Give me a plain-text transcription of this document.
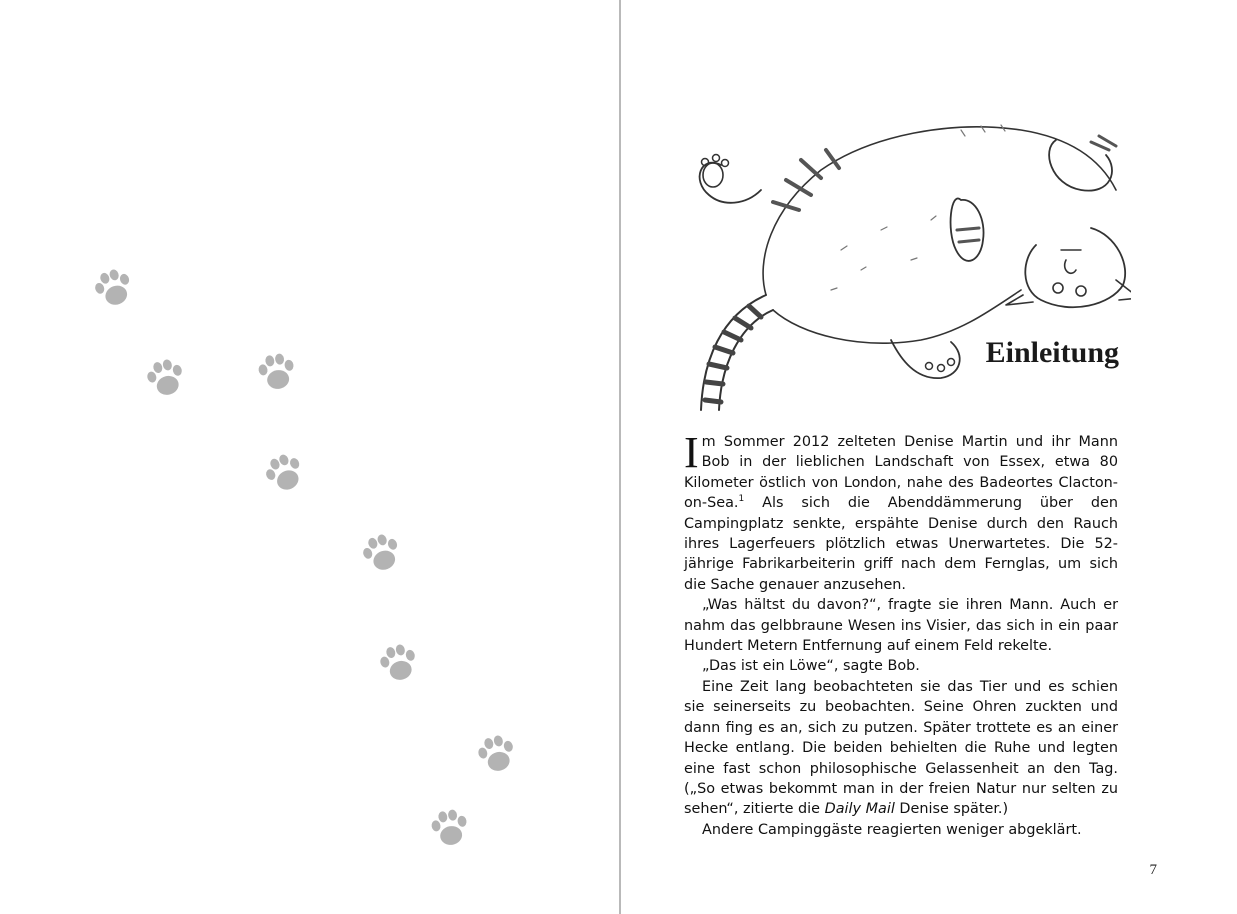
Einleitung

Im Sommer 2012 zelteten Denise Martin und ihr Mann Bob in der lieblichen Landschaft von Essex, etwa 80 Kilometer östlich von London, nahe des Badeortes Clacton-on-Sea.$^1$ Als sich die Abenddämmerung über den Campingplatz senkte, erspähte Denise durch den Rauch ihres Lagerfeuers plötzlich etwas Unerwartetes. Die 52-jährige Fabrikarbeiterin griff nach dem Fernglas, um sich die Sache genauer anzusehen.

„Was hältst du davon?“, fragte sie ihren Mann. Auch er nahm das gelbbraune Wesen ins Visier, das sich in ein paar Hundert Metern Entfernung auf einem Feld rekelte.

„Das ist ein Löwe“, sagte Bob.

Eine Zeit lang beobachteten sie das Tier und es schien sie seinerseits zu beobachten. Seine Ohren zuckten und dann fing es an, sich zu putzen. Später trottete es an einer Hecke entlang. Die beiden behielten die Ruhe und legten eine fast schon philosophische Gelassenheit an den Tag. („So etwas bekommt man in der freien Natur nur selten zu sehen“, zitierte die Daily Mail Denise später.)

Andere Campinggäste reagierten weniger abgeklärt.

7
